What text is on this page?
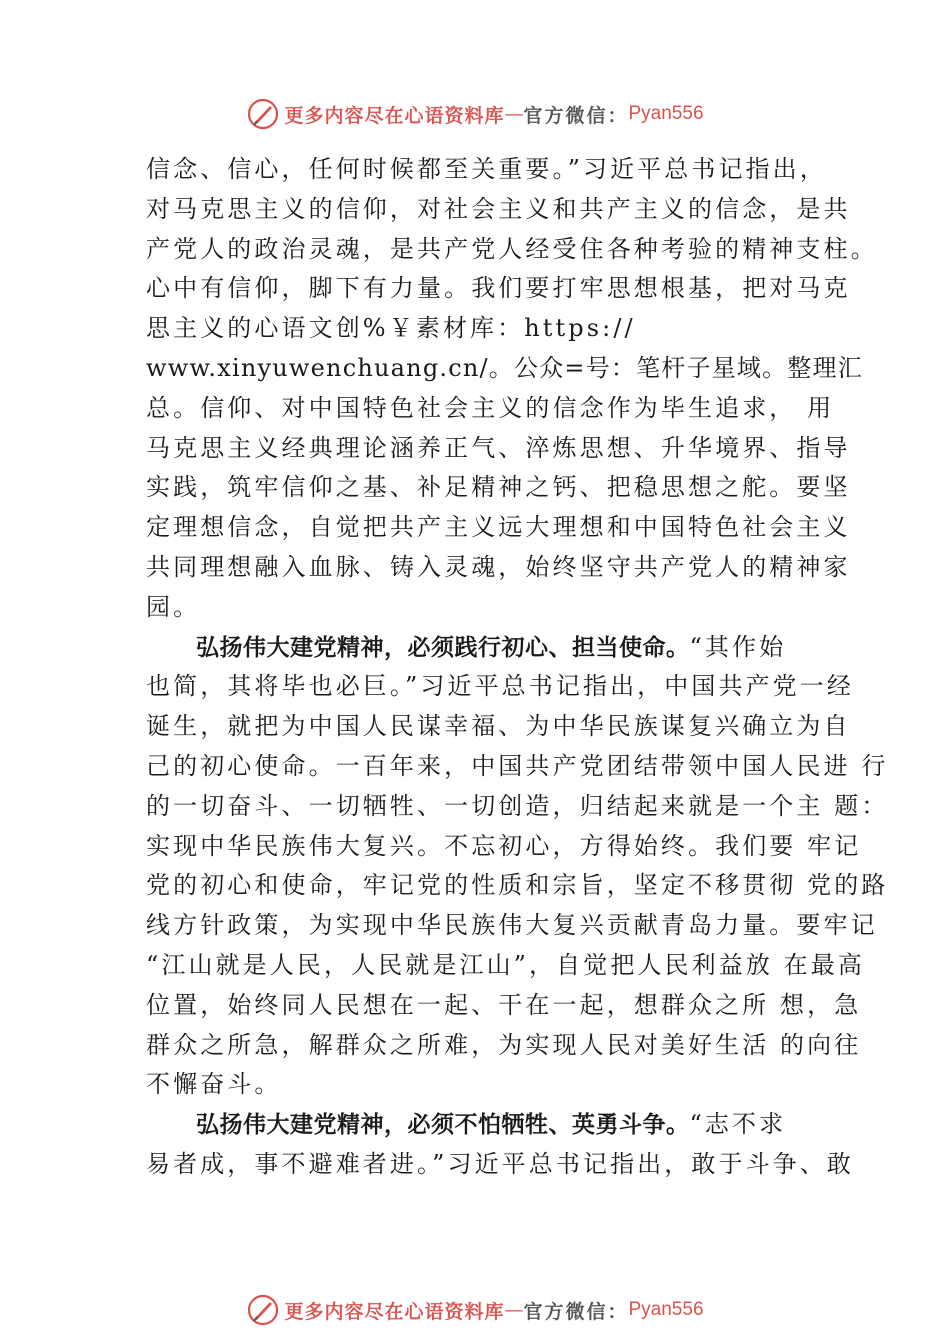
更多内容尽在心语资料库 — 官方微信： Pyan556
信念、信心，任何时候都至关重要。”习近平总书记指出，
对马克思主义的信仰，对社会主义和共产主义的信念，是共
产党人的政治灵魂，是共产党人经受住各种考验的精神支柱。
心中有信仰，脚下有力量。我们要打牢思想根基，把对马克
思主义的心语文创%￥素材库：https://
www.xinyuwenchuang.cn/。公众=号：笔杆子星域。整理汇
总。信仰、对中国特色社会主义的信念作为毕生追求， 用
马克思主义经典理论涵养正气、淬炼思想、升华境界、指导
实践，筑牢信仰之基、补足精神之钙、把稳思想之舵。要坚
定理想信念，自觉把共产主义远大理想和中国特色社会主义
共同理想融入血脉、铸入灵魂，始终坚守共产党人的精神家
园。
弘扬伟大建党精神，必须践行初心、担当使命。“其作始
也简，其将毕也必巨。”习近平总书记指出，中国共产党一经
诞生，就把为中国人民谋幸福、为中华民族谋复兴确立为自
己的初心使命。一百年来，中国共产党团结带领中国人民进 行
的一切奋斗、一切牺牲、一切创造，归结起来就是一个主 题：
实现中华民族伟大复兴。不忘初心，方得始终。我们要 牢记
党的初心和使命，牢记党的性质和宗旨，坚定不移贯彻 党的路
线方针政策，为实现中华民族伟大复兴贡献青岛力量。要牢记
“江山就是人民，人民就是江山”，自觉把人民利益放 在最高
位置，始终同人民想在一起、干在一起，想群众之所 想，急
群众之所急，解群众之所难，为实现人民对美好生活 的向往
不懈奋斗。
弘扬伟大建党精神，必须不怕牺牲、英勇斗争。“志不求
易者成，事不避难者进。”习近平总书记指出，敢于斗争、敢
更多内容尽在心语资料库 — 官方微信： Pyan556
